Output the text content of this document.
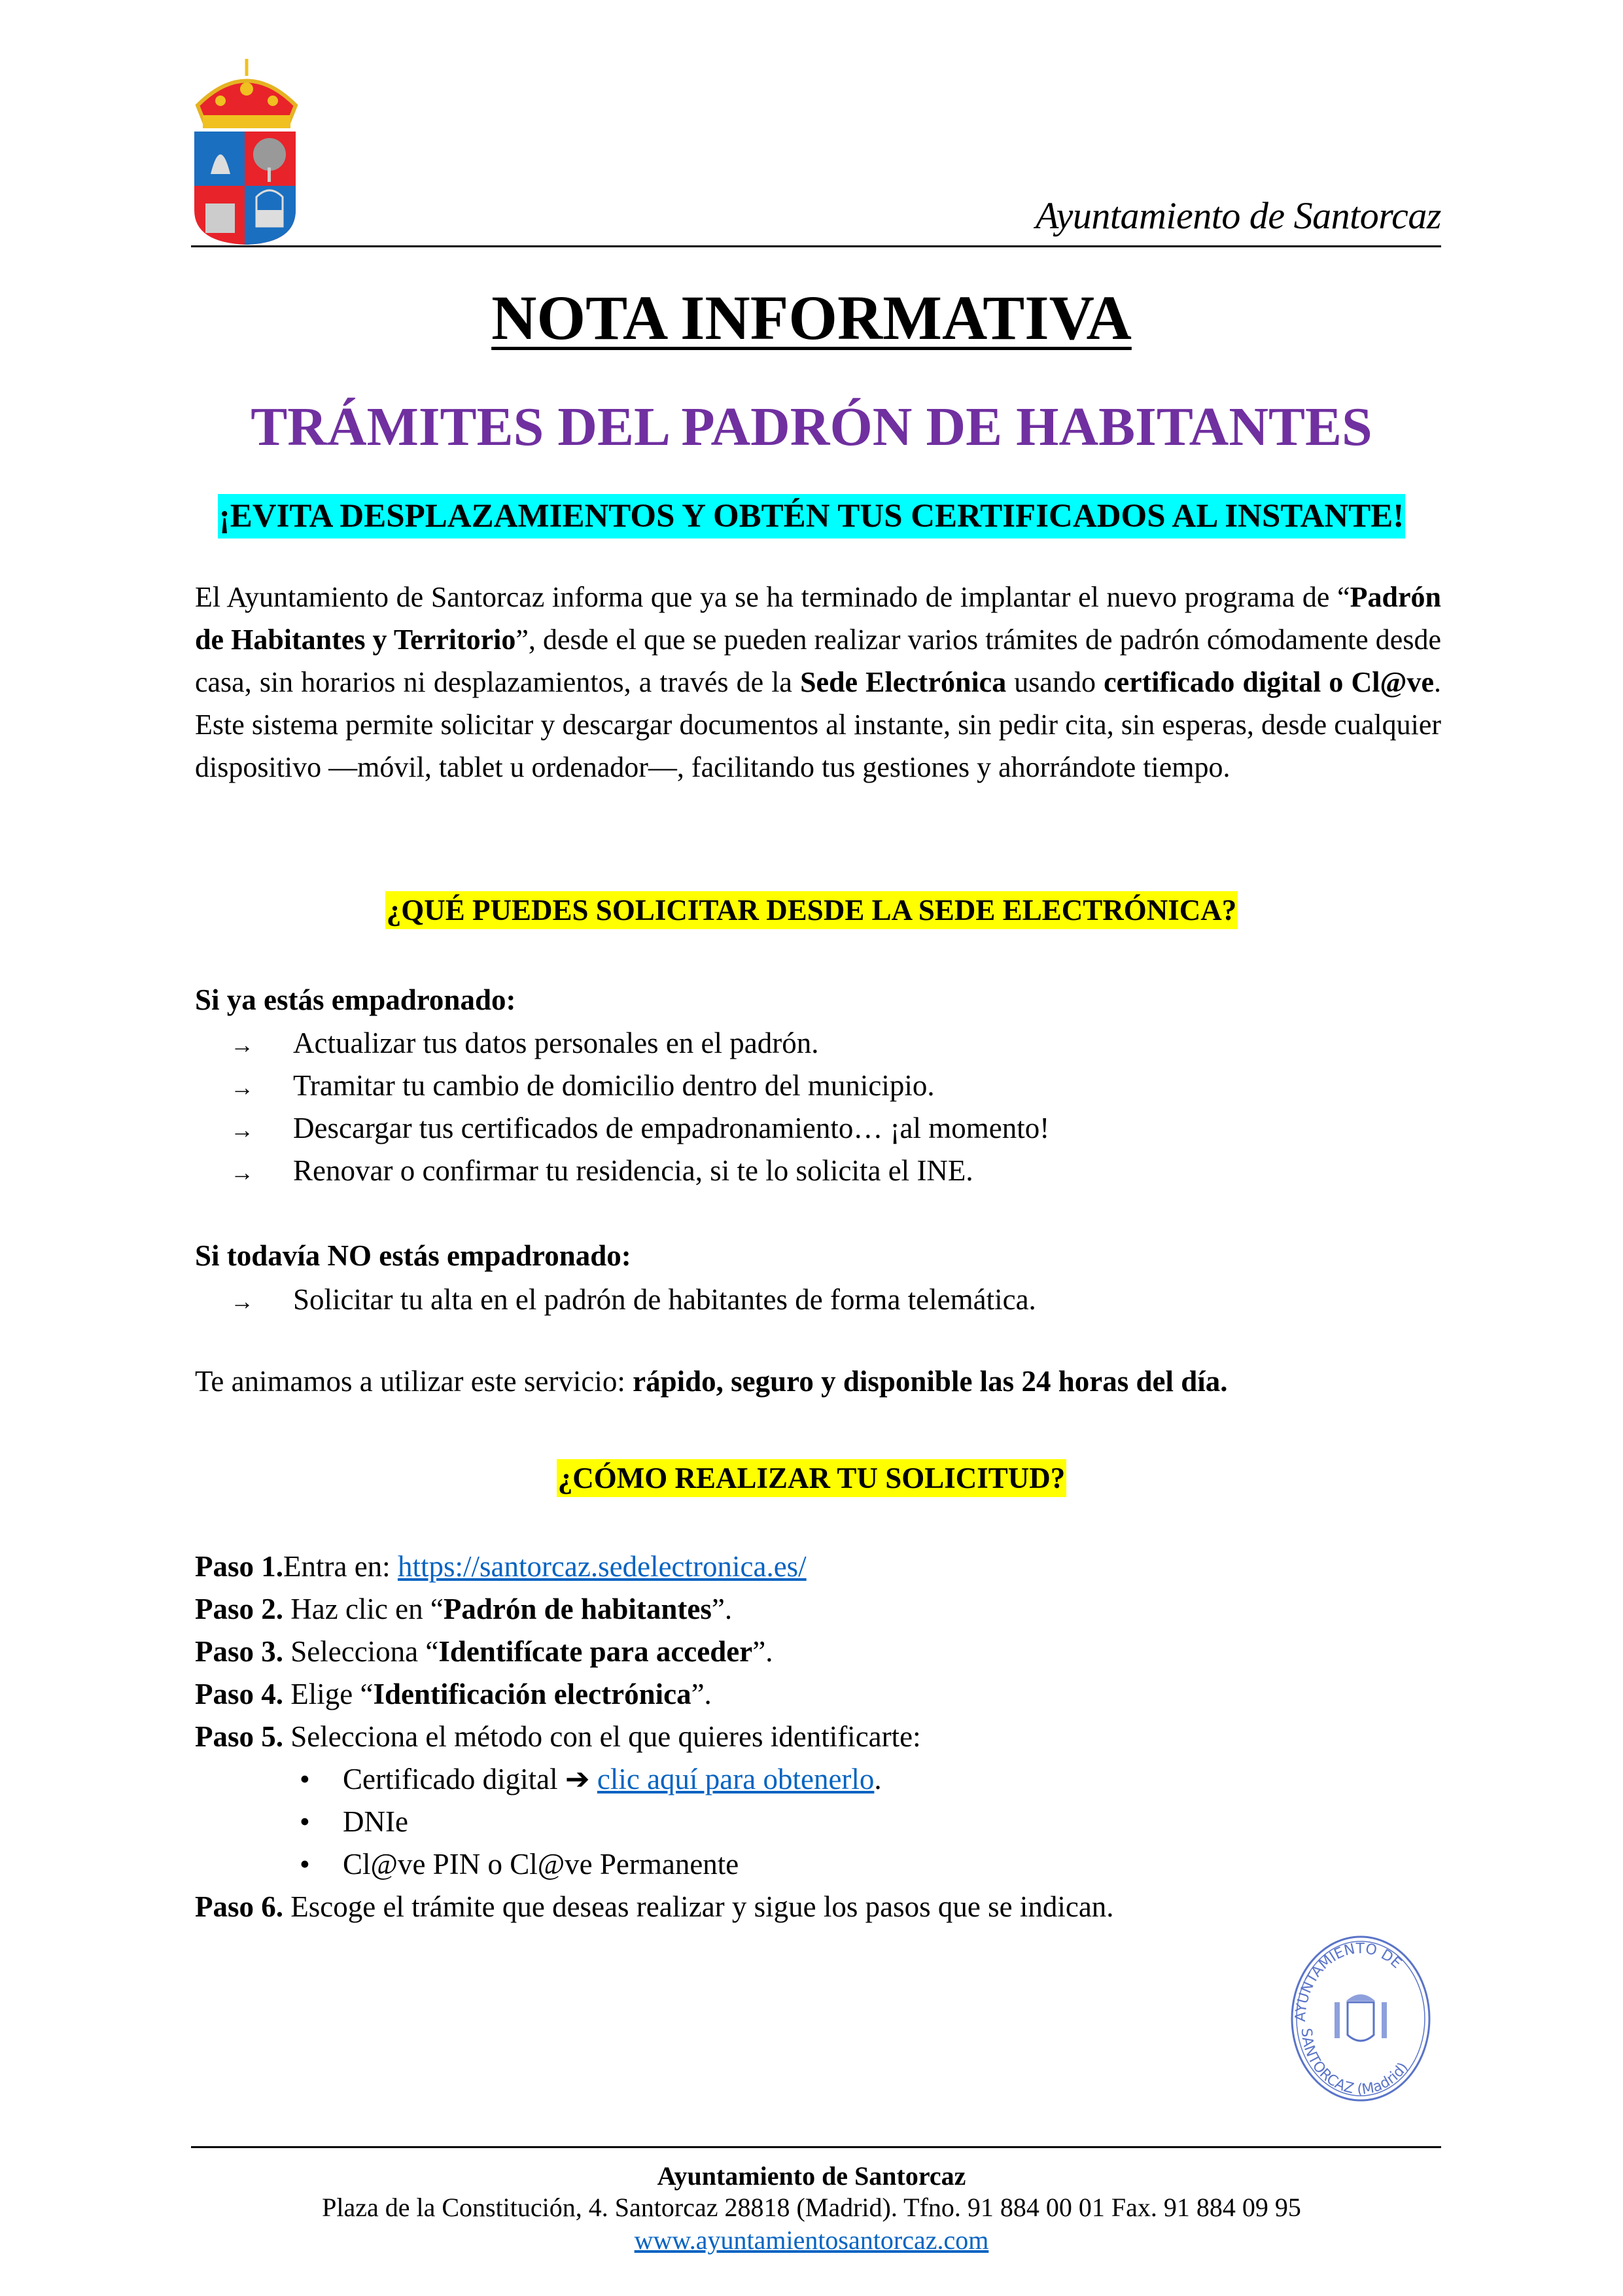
Ayuntamiento de Santorcaz
NOTA INFORMATIVA
TRÁMITES DEL PADRÓN DE HABITANTES
¡EVITA DESPLAZAMIENTOS Y OBTÉN TUS CERTIFICADOS AL INSTANTE!
El Ayuntamiento de Santorcaz informa que ya se ha terminado de implantar el nuevo programa de “Padrón de Habitantes y Territorio”, desde el que se pueden realizar varios trámites de padrón cómodamente desde casa, sin horarios ni desplazamientos, a través de la Sede Electrónica usando certificado digital o Cl@ve. Este sistema permite solicitar y descargar documentos al instante, sin pedir cita, sin esperas, desde cualquier dispositivo —móvil, tablet u ordenador—, facilitando tus gestiones y ahorrándote tiempo.
¿QUÉ PUEDES SOLICITAR DESDE LA SEDE ELECTRÓNICA?
Si ya estás empadronado:
→ Actualizar tus datos personales en el padrón.
→ Tramitar tu cambio de domicilio dentro del municipio.
→ Descargar tus certificados de empadronamiento… ¡al momento!
→ Renovar o confirmar tu residencia, si te lo solicita el INE.
Si todavía NO estás empadronado:
→ Solicitar tu alta en el padrón de habitantes de forma telemática.
Te animamos a utilizar este servicio: rápido, seguro y disponible las 24 horas del día.
¿CÓMO REALIZAR TU SOLICITUD?
Paso 1.Entra en: https://santorcaz.sedelectronica.es/
Paso 2. Haz clic en “Padrón de habitantes”.
Paso 3. Selecciona “Identifícate para acceder”.
Paso 4. Elige “Identificación electrónica”.
Paso 5. Selecciona el método con el que quieres identificarte:
• Certificado digital ➔ clic aquí para obtenerlo.
• DNIe
• Cl@ve PIN o Cl@ve Permanente
Paso 6. Escoge el trámite que deseas realizar y sigue los pasos que se indican.
AYUNTAMIENTO DE
SANTORCAZ (Madrid)
Ayuntamiento de Santorcaz
Plaza de la Constitución, 4. Santorcaz 28818 (Madrid). Tfno. 91 884 00 01 Fax. 91 884 09 95
www.ayuntamientosantorcaz.com
